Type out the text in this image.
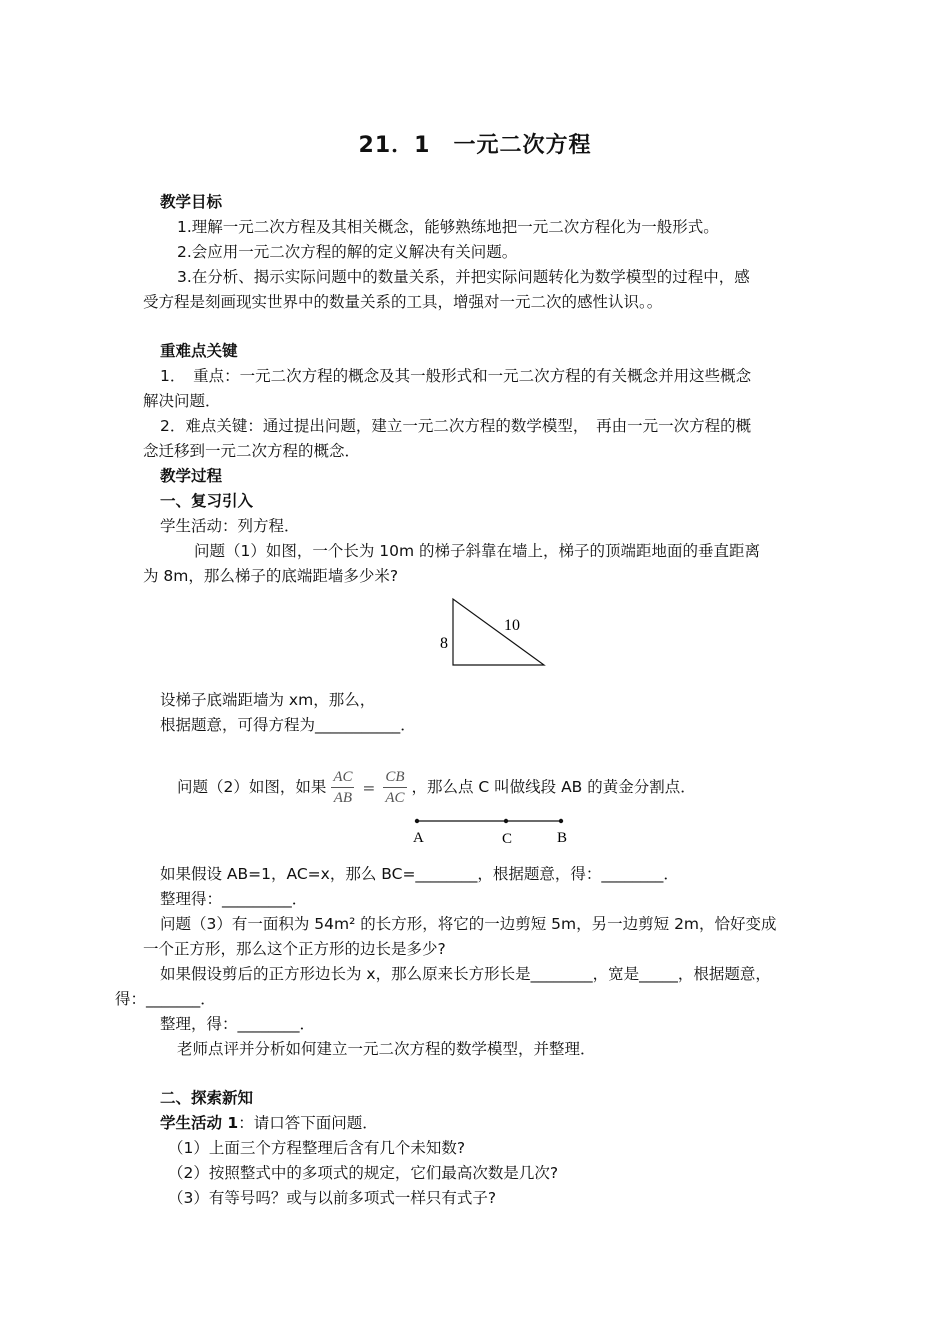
21．1　一元二次方程
教学目标
1.理解一元二次方程及其相关概念，能够熟练地把一元二次方程化为一般形式。
2.会应用一元二次方程的解的定义解决有关问题。
3.在分析、揭示实际问题中的数量关系，并把实际问题转化为数学模型的过程中，感
受方程是刻画现实世界中的数量关系的工具，增强对一元二次的感性认识。。
重难点关键
1．　重点：一元二次方程的概念及其一般形式和一元二次方程的有关概念并用这些概念
解决问题．
2．难点关键：通过提出问题，建立一元二次方程的数学模型，　再由一元一次方程的概
念迁移到一元二次方程的概念．
教学过程
一、复习引入
学生活动：列方程．
问题（1）如图，一个长为 10m 的梯子斜靠在墙上，梯子的顶端距地面的垂直距离
为 8m，那么梯子的底端距墙多少米?
10
8
设梯子底端距墙为 xm，那么，
根据题意，可得方程为___________．
问题（2）如图，如果 $\frac{AC}{AB} = \frac{CB}{AC}$ ，那么点 C 叫做线段 AB 的黄金分割点．
A	C	B
如果假设 AB=1，AC=x，那么 BC=________，根据题意，得：________．
整理得：_________．
问题（3）有一面积为 54m² 的长方形，将它的一边剪短 5m，另一边剪短 2m，恰好变成
一个正方形，那么这个正方形的边长是多少?
如果假设剪后的正方形边长为 x，那么原来长方形长是________，宽是_____，根据题意，
得：_______．
整理，得：________．
老师点评并分析如何建立一元二次方程的数学模型，并整理．
二、探索新知
学生活动 1：请口答下面问题．
（1）上面三个方程整理后含有几个未知数?
（2）按照整式中的多项式的规定，它们最高次数是几次?
（3）有等号吗？或与以前多项式一样只有式子?
